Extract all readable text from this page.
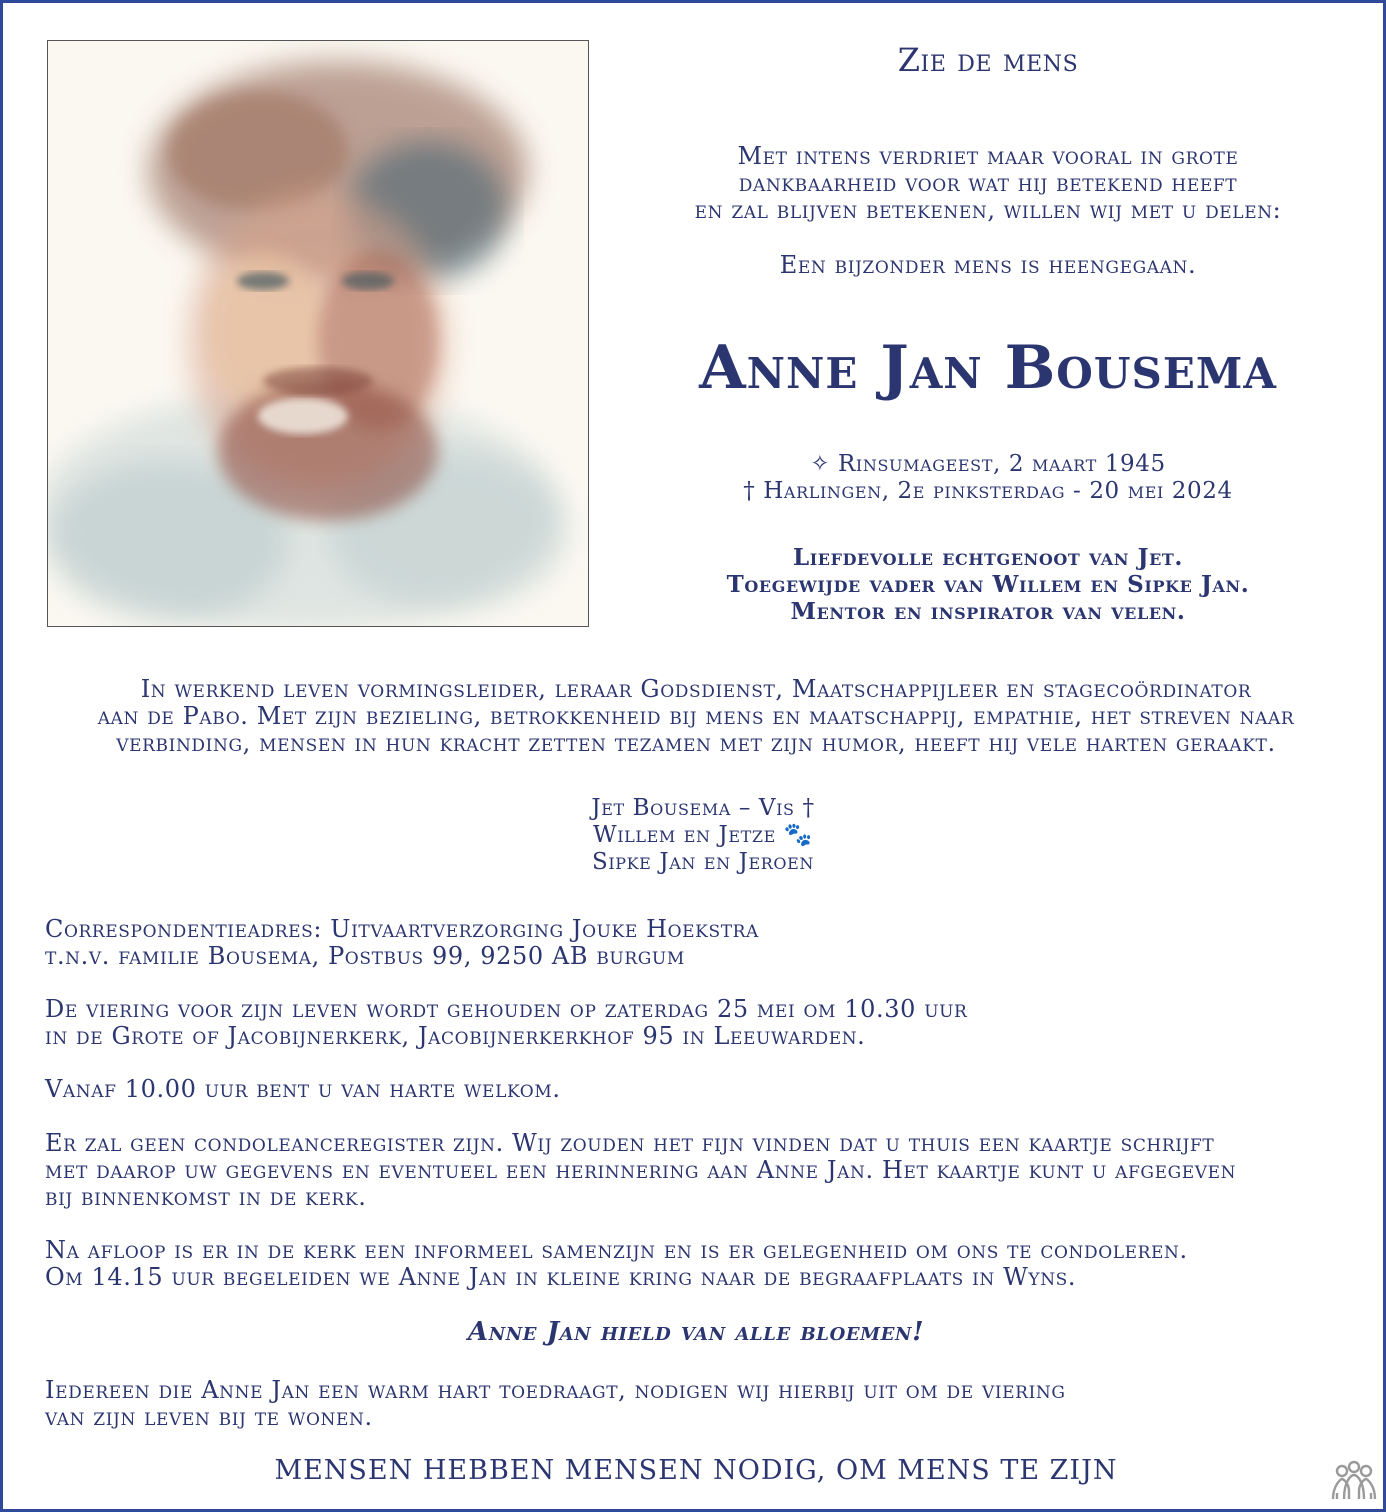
Zie de mens
Met intens verdriet maar vooral in grote
dankbaarheid voor wat hij betekend heeft
en zal blijven betekenen, willen wij met u delen:
Een bijzonder mens is heengegaan.
Anne Jan Bousema
✧ Rinsumageest, 2 maart 1945
† Harlingen, 2e pinksterdag - 20 mei 2024
Liefdevolle echtgenoot van Jet.
Toegewijde vader van Willem en Sipke Jan.
Mentor en inspirator van velen.
In werkend leven vormingsleider, leraar Godsdienst, Maatschappijleer en stagecoördinator
aan de Pabo. Met zijn bezieling, betrokkenheid bij mens en maatschappij, empathie, het streven naar
verbinding, mensen in hun kracht zetten tezamen met zijn humor, heeft hij vele harten geraakt.
Jet Bousema – Vis †
Willem en Jetze 🐾
Sipke Jan en Jeroen
Correspondentieadres: Uitvaartverzorging Jouke Hoekstra
t.n.v. familie Bousema, Postbus 99, 9250 AB burgum
De viering voor zijn leven wordt gehouden op zaterdag 25 mei om 10.30 uur
in de Grote of Jacobijnerkerk, Jacobijnerkerkhof 95 in Leeuwarden.
Vanaf 10.00 uur bent u van harte welkom.
Er zal geen condoleanceregister zijn. Wij zouden het fijn vinden dat u thuis een kaartje schrijft
met daarop uw gegevens en eventueel een herinnering aan Anne Jan. Het kaartje kunt u afgegeven
bij binnenkomst in de kerk.
Na afloop is er in de kerk een informeel samenzijn en is er gelegenheid om ons te condoleren.
Om 14.15 uur begeleiden we Anne Jan in kleine kring naar de begraafplaats in Wyns.
Anne Jan hield van alle bloemen!
Iedereen die Anne Jan een warm hart toedraagt, nodigen wij hierbij uit om de viering
van zijn leven bij te wonen.
MENSEN HEBBEN MENSEN NODIG, OM MENS TE ZIJN
